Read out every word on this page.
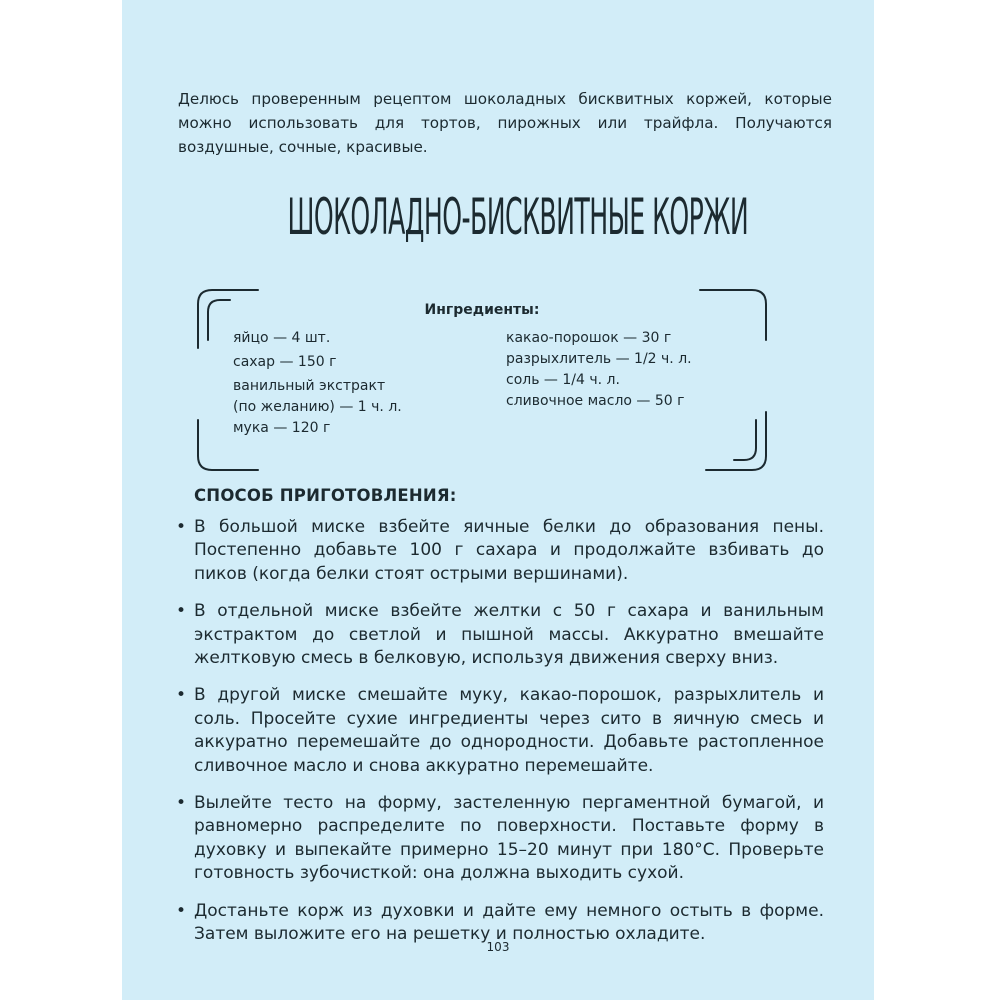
Делюсь проверенным рецептом шоколадных бисквитных коржей, которые можно использовать для тортов, пирожных или трайфла. Получаются воздушные, сочные, красивые.

ШОКОЛАДНО-БИСКВИТНЫЕ КОРЖИ

Ингредиенты:

яйцо — 4 шт.
сахар — 150 г
ванильный экстракт
(по желанию) — 1 ч. л.
мука — 120 г
какао-порошок — 30 г
разрыхлитель — 1/2 ч. л.
соль — 1/4 ч. л.
сливочное масло — 50 г
СПОСОБ ПРИГОТОВЛЕНИЯ:
• В большой миске взбейте яичные белки до образования пены. Постепенно добавьте 100 г сахара и продолжайте взбивать до пиков (когда белки стоят острыми вершинами).
• В отдельной миске взбейте желтки с 50 г сахара и ванильным экстрактом до светлой и пышной массы. Аккуратно вмешайте желтковую смесь в белковую, используя движения сверху вниз.
• В другой миске смешайте муку, какао-порошок, разрыхлитель и соль. Просейте сухие ингредиенты через сито в яичную смесь и аккуратно перемешайте до однородности. Добавьте растопленное сливочное масло и снова аккуратно перемешайте.
• Вылейте тесто на форму, застеленную пергаментной бумагой, и равномерно распределите по поверхности. Поставьте форму в духовку и выпекайте примерно 15–20 минут при 180°С. Проверьте готовность зубочисткой: она должна выходить сухой.
• Достаньте корж из духовки и дайте ему немного остыть в форме. Затем выложите его на решетку и полностью охладите.

103
